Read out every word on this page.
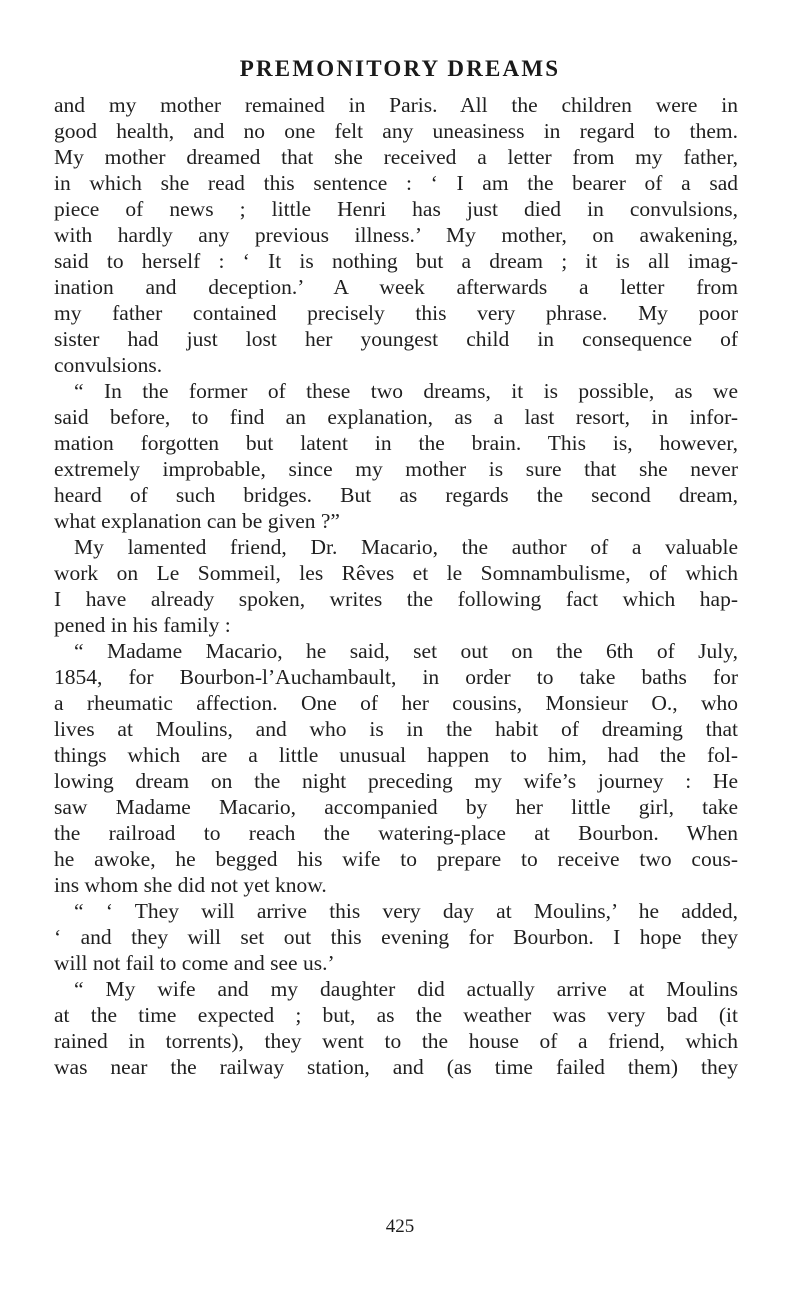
PREMONITORY DREAMS
and my mother remained in Paris. All the children were in
good health, and no one felt any uneasiness in regard to them.
My mother dreamed that she received a letter from my father,
in which she read this sentence : ‘ I am the bearer of a sad
piece of news ; little Henri has just died in convulsions,
with hardly any previous illness.’ My mother, on awakening,
said to herself : ‘ It is nothing but a dream ; it is all imag-
ination and deception.’ A week afterwards a letter from
my father contained precisely this very phrase. My poor
sister had just lost her youngest child in consequence of
convulsions.
“ In the former of these two dreams, it is possible, as we
said before, to find an explanation, as a last resort, in infor-
mation forgotten but latent in the brain. This is, however,
extremely improbable, since my mother is sure that she never
heard of such bridges. But as regards the second dream,
what explanation can be given ?”
My lamented friend, Dr. Macario, the author of a valuable
work on Le Sommeil, les Rêves et le Somnambulisme, of which
I have already spoken, writes the following fact which hap-
pened in his family :
“ Madame Macario, he said, set out on the 6th of July,
1854, for Bourbon-l’Auchambault, in order to take baths for
a rheumatic affection. One of her cousins, Monsieur O., who
lives at Moulins, and who is in the habit of dreaming that
things which are a little unusual happen to him, had the fol-
lowing dream on the night preceding my wife’s journey : He
saw Madame Macario, accompanied by her little girl, take
the railroad to reach the watering-place at Bourbon. When
he awoke, he begged his wife to prepare to receive two cous-
ins whom she did not yet know.
“ ‘ They will arrive this very day at Moulins,’ he added,
‘ and they will set out this evening for Bourbon. I hope they
will not fail to come and see us.’
“ My wife and my daughter did actually arrive at Moulins
at the time expected ; but, as the weather was very bad (it
rained in torrents), they went to the house of a friend, which
was near the railway station, and (as time failed them) they
425
